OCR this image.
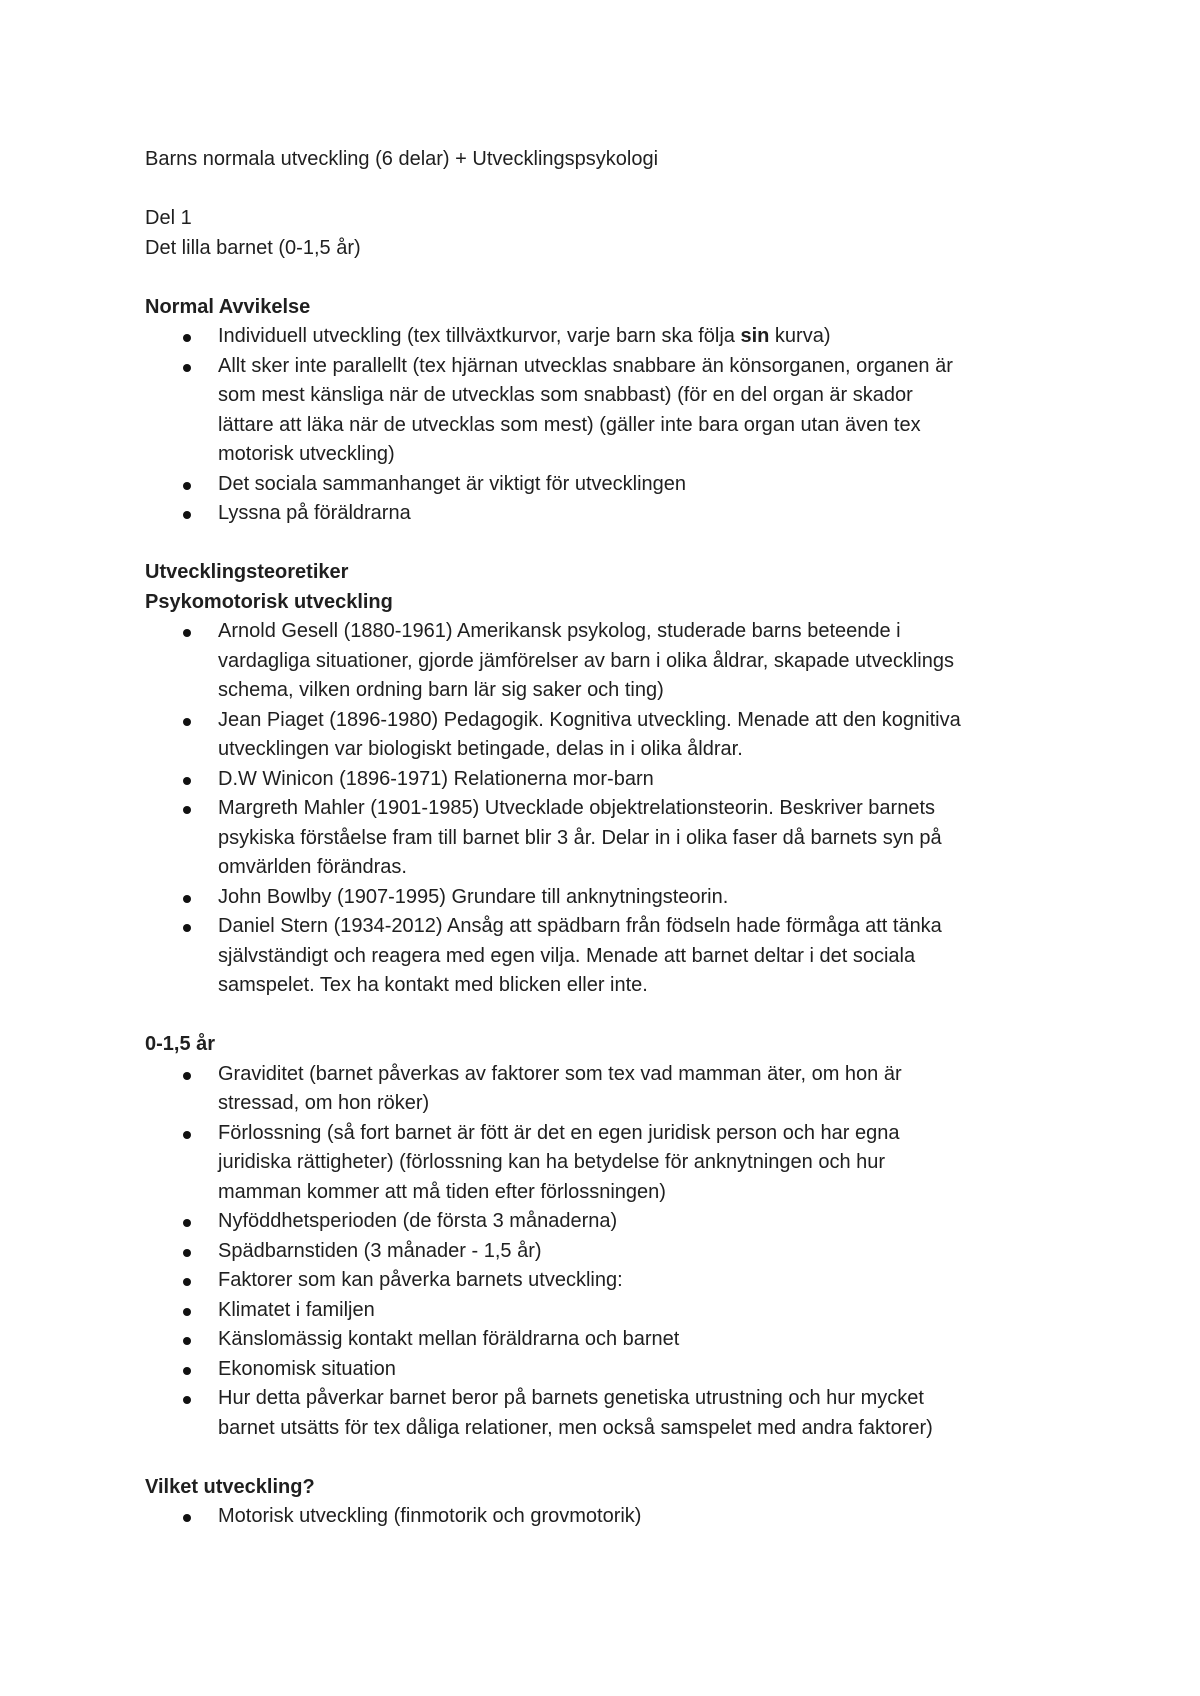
Barns normala utveckling (6 delar) + Utvecklingspsykologi

Del 1

Det lilla barnet (0-1,5 år)

Normal Avvikelse

Individuell utveckling (tex tillväxtkurvor, varje barn ska följa sin kurva)
Allt sker inte parallellt (tex hjärnan utvecklas snabbare än könsorganen, organen är
som mest känsliga när de utvecklas som snabbast) (för en del organ är skador
lättare att läka när de utvecklas som mest) (gäller inte bara organ utan även tex
motorisk utveckling)
Det sociala sammanhanget är viktigt för utvecklingen
Lyssna på föräldrarna

Utvecklingsteoretiker

Psykomotorisk utveckling

Arnold Gesell (1880-1961) Amerikansk psykolog, studerade barns beteende i
vardagliga situationer, gjorde jämförelser av barn i olika åldrar, skapade utvecklings
schema, vilken ordning barn lär sig saker och ting)
Jean Piaget (1896-1980) Pedagogik. Kognitiva utveckling. Menade att den kognitiva
utvecklingen var biologiskt betingade, delas in i olika åldrar.
D.W Winicon (1896-1971) Relationerna mor-barn
Margreth Mahler (1901-1985) Utvecklade objektrelationsteorin. Beskriver barnets
psykiska förståelse fram till barnet blir 3 år. Delar in i olika faser då barnets syn på
omvärlden förändras.
John Bowlby (1907-1995) Grundare till anknytningsteorin.
Daniel Stern (1934-2012) Ansåg att spädbarn från födseln hade förmåga att tänka
självständigt och reagera med egen vilja. Menade att barnet deltar i det sociala
samspelet. Tex ha kontakt med blicken eller inte.

0-1,5 år

Graviditet (barnet påverkas av faktorer som tex vad mamman äter, om hon är
stressad, om hon röker)
Förlossning (så fort barnet är fött är det en egen juridisk person och har egna
juridiska rättigheter) (förlossning kan ha betydelse för anknytningen och hur
mamman kommer att må tiden efter förlossningen)
Nyföddhetsperioden (de första 3 månaderna)
Spädbarnstiden (3 månader - 1,5 år)
Faktorer som kan påverka barnets utveckling:
Klimatet i familjen
Känslomässig kontakt mellan föräldrarna och barnet
Ekonomisk situation
Hur detta påverkar barnet beror på barnets genetiska utrustning och hur mycket
barnet utsätts för tex dåliga relationer, men också samspelet med andra faktorer)

Vilket utveckling?

Motorisk utveckling (finmotorik och grovmotorik)
